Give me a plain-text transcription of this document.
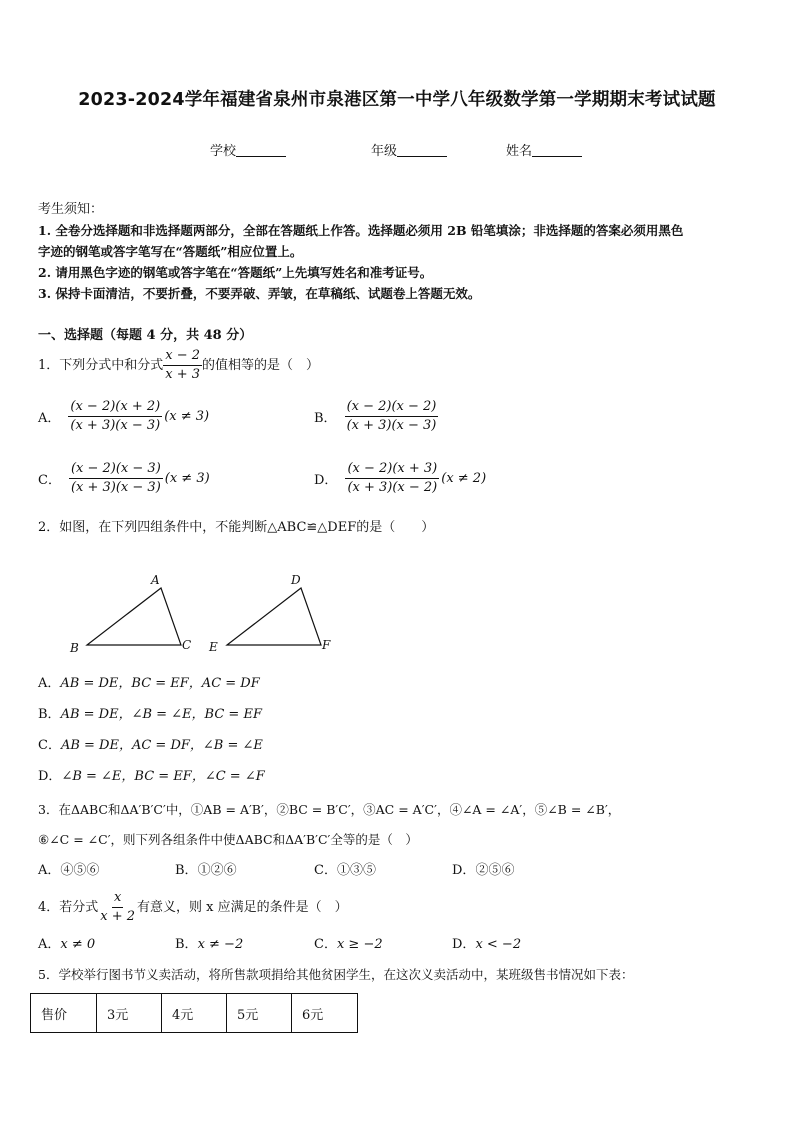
2023-2024学年福建省泉州市泉港区第一中学八年级数学第一学期期末考试试题
学校	年级	姓名
考生须知：
1. 全卷分选择题和非选择题两部分，全部在答题纸上作答。选择题必须用 2B 铅笔填涂；非选择题的答案必须用黑色
字迹的钢笔或答字笔写在“答题纸”相应位置上。
2. 请用黑色字迹的钢笔或答字笔在“答题纸”上先填写姓名和准考证号。
3. 保持卡面清洁，不要折叠，不要弄破、弄皱，在草稿纸、试题卷上答题无效。
一、选择题（每题 4 分，共 48 分）
1．下列分式中和分式 $\frac{x - 2}{x + 3}$ 的值相等的是（　）
A． $\frac{(x - 2)(x + 2)}{(x + 3)(x - 3)} (x \ne 3)$	B． $\frac{(x - 2)(x - 2)}{(x + 3)(x - 3)}$
C． $\frac{(x - 2)(x - 3)}{(x + 3)(x - 3)} (x \ne 3)$	D． $\frac{(x - 2)(x + 3)}{(x + 3)(x - 2)} (x \ne 2)$
2．如图，在下列四组条件中，不能判断△ABC≌△DEF的是（　　）
A
B	C
D
E	F
A．AB = DE，BC = EF，AC = DF
B．AB = DE，∠B = ∠E，BC = EF
C．AB = DE，AC = DF，∠B = ∠E
D．∠B = ∠E，BC = EF，∠C = ∠F
3．在ΔABC和ΔA′B′C′中，①AB = A′B′，②BC = B′C′，③AC = A′C′，④∠A = ∠A′，⑤∠B = ∠B′，
⑥∠C = ∠C′，则下列各组条件中使ΔABC和ΔA′B′C′全等的是（　）
A．④⑤⑥	B．①②⑥	C．①③⑤	D．②⑤⑥
4．若分式 $\frac{x}{x + 2}$ 有意义，则 x 应满足的条件是（　）
A．x ≠ 0	B．x ≠ −2	C．x ≥ −2	D．x < −2
5．学校举行图书节义卖活动，将所售款项捐给其他贫困学生，在这次义卖活动中，某班级售书情况如下表：
售价	3元	4元	5元	6元
